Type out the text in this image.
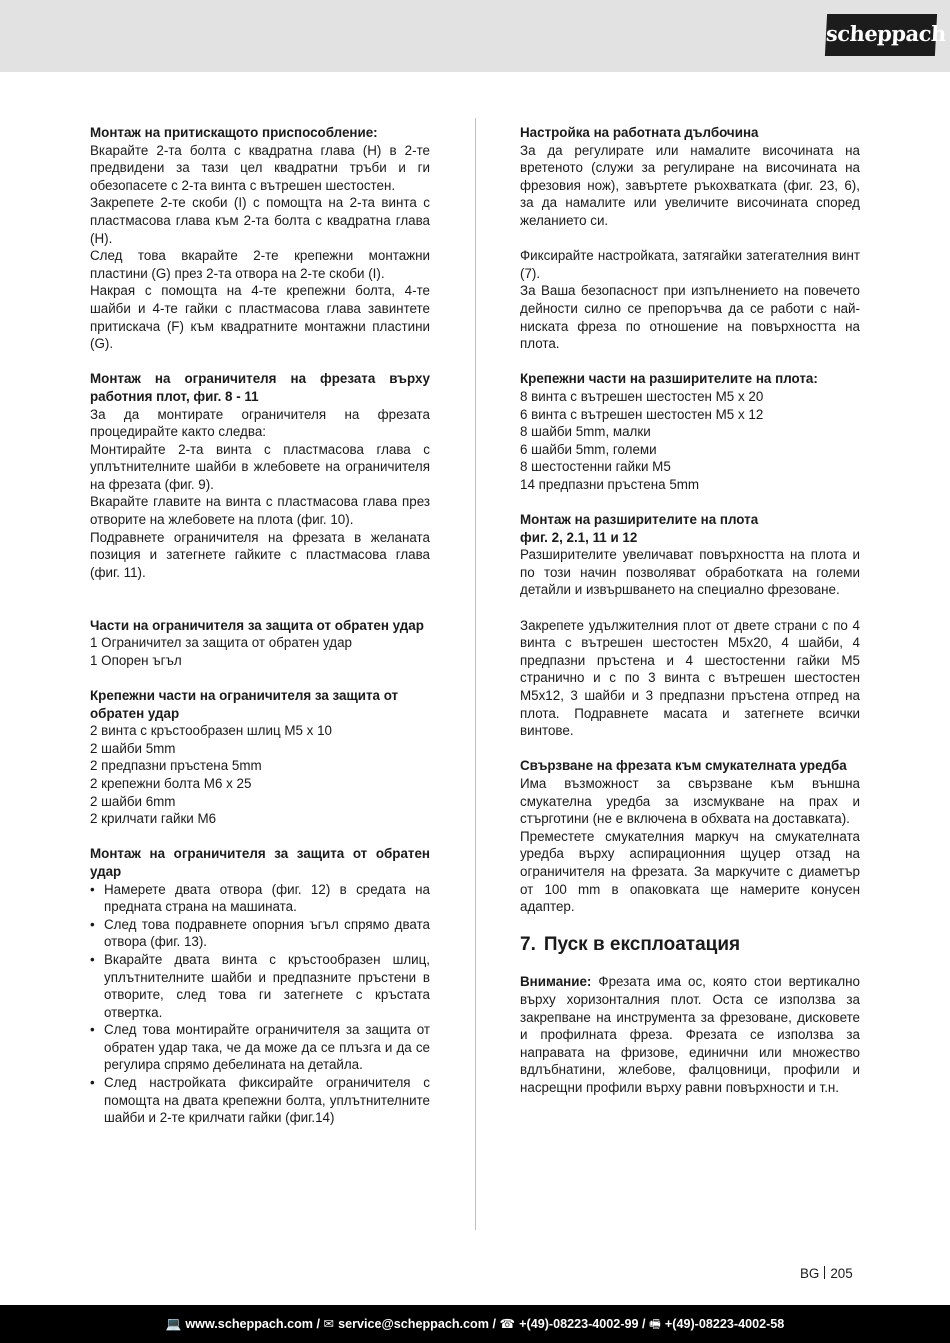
scheppach
Монтаж на притискащото приспособление:
Вкарайте 2-та болта с квадратна глава (H) в 2-те предвидени за тази цел квадратни тръби и ги обезопасете с 2-та винта с вътрешен шестостен.
Закрепете 2-те скоби (I) с помощта на 2-та винта с пластмасова глава към 2-та болта с квадратна глава (H).
След това вкарайте 2-те крепежни монтажни пластини (G) през 2-та отвора на 2-те скоби (I).
Накрая с помощта на 4-те крепежни болта, 4-те шайби и 4-те гайки с пластмасова глава завинтете притискача (F) към квадратните монтажни пластини (G).
Монтаж на ограничителя на фрезата върху работния плот, фиг. 8 - 11
За да монтирате ограничителя на фрезата процедирайте както следва:
Монтирайте 2-та винта с пластмасова глава с уплътнителните шайби в жлебовете на ограничителя на фрезата (фиг. 9).
Вкарайте главите на винта с пластмасова глава през отворите на жлебовете на плота (фиг. 10).
Подравнете ограничителя на фрезата в желаната позиция и затегнете гайките с пластмасова глава (фиг. 11).
Части на ограничителя за защита от обратен удар
1 Ограничител за защита от обратен удар
1 Опорен ъгъл
Крепежни части на ограничителя за защита от обратен удар
2 винта с кръстообразен шлиц M5 x 10
2 шайби 5mm
2 предпазни пръстена 5mm
2 крепежни болта M6 x 25
2 шайби 6mm
2 крилчати гайки M6
Монтаж на ограничителя за защита от обратен удар
• Намерете двата отвора (фиг. 12) в средата на предната страна на машината.
• След това подравнете опорния ъгъл спрямо двата отвора (фиг. 13).
• Вкарайте двата винта с кръстообразен шлиц, уплътнителните шайби и предпазните пръстени в отворите, след това ги затегнете с кръстата отвертка.
• След това монтирайте ограничителя за защита от обратен удар така, че да може да се плъзга и да се регулира спрямо дебелината на детайла.
• След настройката фиксирайте ограничителя с помощта на двата крепежни болта, уплътнителните шайби и 2-те крилчати гайки (фиг.14)
Настройка на работната дълбочина
За да регулирате или намалите височината на вретеното (служи за регулиране на височината на фрезовия нож), завъртете ръкохватката (фиг. 23, 6), за да намалите или увеличите височината според желанието си.
Фиксирайте настройката, затягайки затегателния винт (7).
За Ваша безопасност при изпълнението на повечето дейности силно се препоръчва да се работи с най-ниската фреза по отношение на повърхността на плота.
Крепежни части на разширителите на плота:
8 винта с вътрешен шестостен M5 x 20
6 винта с вътрешен шестостен M5 x 12
8 шайби 5mm, малки
6 шайби 5mm, големи
8 шестостенни гайки M5
14 предпазни пръстена 5mm
Монтаж на разширителите на плота
фиг. 2, 2.1, 11 и 12
Разширителите увеличават повърхността на плота и по този начин позволяват обработката на големи детайли и извършването на специално фрезоване.
Закрепете удължителния плот от двете страни с по 4 винта с вътрешен шестостен M5x20, 4 шайби, 4 предпазни пръстена и 4 шестостенни гайки M5 странично и с по 3 винта с вътрешен шестостен M5x12, 3 шайби и 3 предпазни пръстена отпред на плота. Подравнете масата и затегнете всички винтове.
Свързване на фрезата към смукателната уредба
Има възможност за свързване към външна смукателна уредба за изсмукване на прах и стърготини (не е включена в обхвата на доставката).
Преместете смукателния маркуч на смукателната уредба върху аспирационния щуцер отзад на ограничителя на фрезата. За маркучите с диаметър от 100 mm в опаковката ще намерите конусен адаптер.
7. Пуск в експлоатация
Внимание: Фрезата има ос, която стои вертикално върху хоризонталния плот. Оста се използва за закрепване на инструмента за фрезоване, дисковете и профилната фреза. Фрезата се използва за направата на фризове, единични или множество вдлъбнатини, жлебове, фалцовници, профили и насрещни профили върху равни повърхности и т.н.
BG 205
💻 www.scheppach.com / ✉ service@scheppach.com / ☎ +(49)-08223-4002-99 / 🖷 +(49)-08223-4002-58
